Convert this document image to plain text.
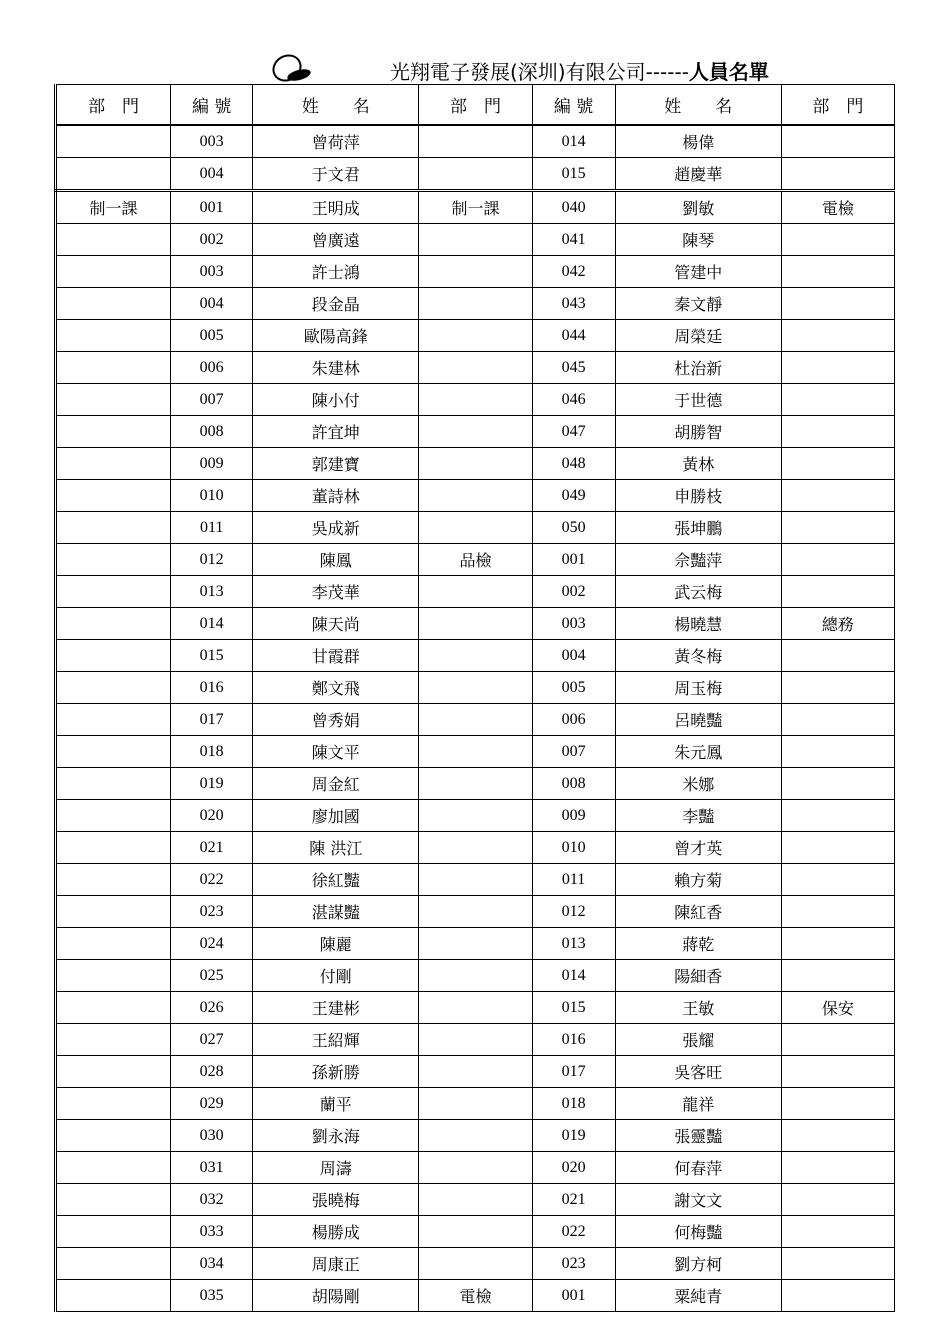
光翔電子發展(深圳)有限公司------人員名單
部　門	編 號	姓　　名	部　門	編 號	姓　　名	部　門
	003	曾荷萍		014	楊偉	
	004	于文君		015	趙慶華	
制一課	001	王明成	制一課	040	劉敏	電檢
	002	曾廣遠		041	陳琴	
	003	許士鴻		042	管建中	
	004	段金晶		043	秦文靜	
	005	歐陽高鋒		044	周榮廷	
	006	朱建林		045	杜治新	
	007	陳小付		046	于世德	
	008	許宜坤		047	胡勝智	
	009	郭建寶		048	黃林	
	010	董詩林		049	申勝枝	
	011	吳成新		050	張坤鵬	
	012	陳鳳	品檢	001	佘豔萍	
	013	李茂華		002	武云梅	
	014	陳天尚		003	楊曉慧	總務
	015	甘霞群		004	黃冬梅	
	016	鄭文飛		005	周玉梅	
	017	曾秀娟		006	呂曉豔	
	018	陳文平		007	朱元鳳	
	019	周金紅		008	米娜	
	020	廖加國		009	李豔	
	021	陳 洪江		010	曾才英	
	022	徐紅豔		011	賴方菊	
	023	湛謀豔		012	陳紅香	
	024	陳麗		013	蔣乾	
	025	付剛		014	陽細香	
	026	王建彬		015	王敏	保安
	027	王紹輝		016	張耀	
	028	孫新勝		017	吳客旺	
	029	蘭平		018	龍祥	
	030	劉永海		019	張靈豔	
	031	周濤		020	何春萍	
	032	張曉梅		021	謝文文	
	033	楊勝成		022	何梅豔	
	034	周康正		023	劉方柯	
	035	胡陽剛	電檢	001	粟純青	
